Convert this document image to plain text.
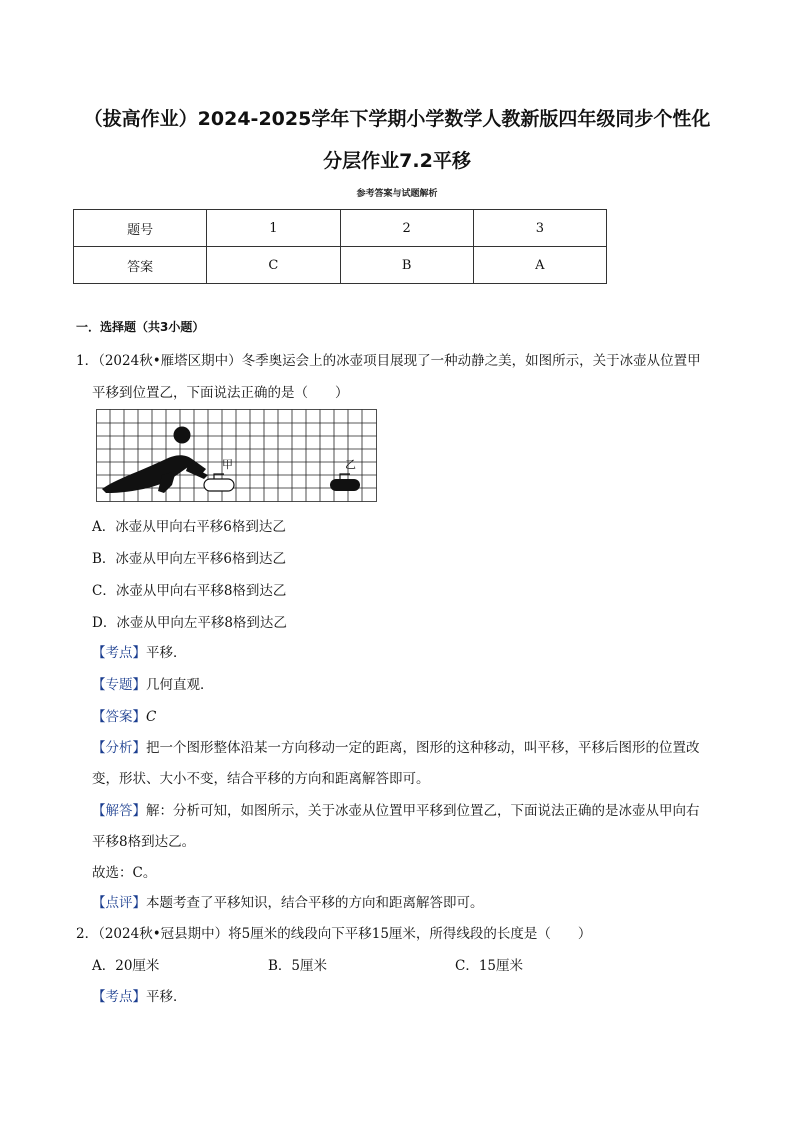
（拔高作业）2024-2025学年下学期小学数学人教新版四年级同步个性化
分层作业7.2平移
参考答案与试题解析
题号	1	2	3
答案	C	B	A
一．选择题（共3小题）
1．（2024秋•雁塔区期中）冬季奥运会上的冰壶项目展现了一种动静之美，如图所示，关于冰壶从位置甲
平移到位置乙，下面说法正确的是（　　）
甲	乙
A．冰壶从甲向右平移6格到达乙
B．冰壶从甲向左平移6格到达乙
C．冰壶从甲向右平移8格到达乙
D．冰壶从甲向左平移8格到达乙
【考点】平移．
【专题】几何直观．
【答案】C
【分析】把一个图形整体沿某一方向移动一定的距离，图形的这种移动，叫平移，平移后图形的位置改
变，形状、大小不变，结合平移的方向和距离解答即可。
【解答】解：分析可知，如图所示，关于冰壶从位置甲平移到位置乙，下面说法正确的是冰壶从甲向右
平移8格到达乙。
故选：C。
【点评】本题考查了平移知识，结合平移的方向和距离解答即可。
2．（2024秋•冠县期中）将5厘米的线段向下平移15厘米，所得线段的长度是（　　）
A．20厘米	B．5厘米	C．15厘米
【考点】平移．
